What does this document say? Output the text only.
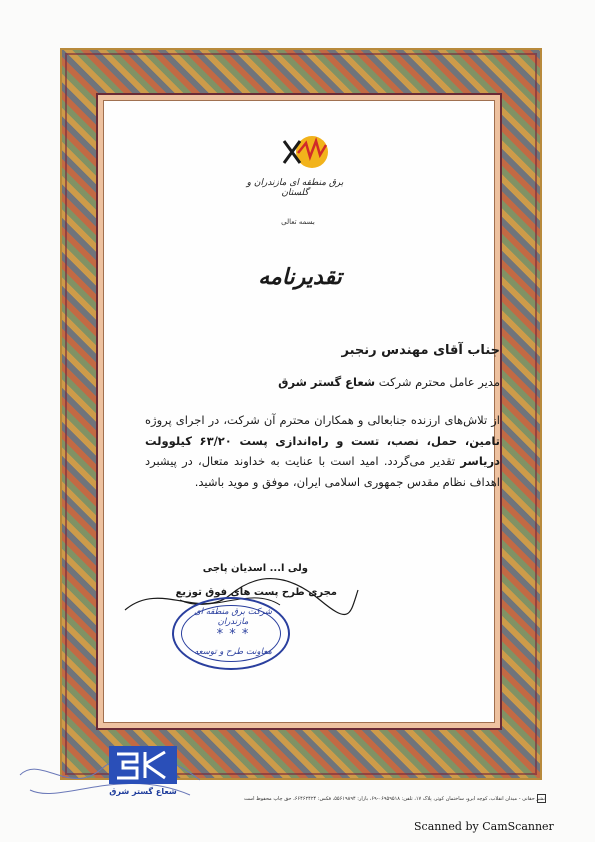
برق منطقه ای مازندران و گلستان
بسمه تعالی
تقدیرنامه
جناب آقای مهندس رنجبر
مدیر عامل محترم شرکت شعاع گستر شرق
از تلاش‌های ارزنده جنابعالی و همکاران محترم آن شرکت، در اجرای پروژه تامین، حمل، نصب، تست و راه‌اندازی پست ۶۳/۲۰ کیلوولت دریاسر تقدیر می‌گردد. امید است با عنایت به خداوند متعال، در پیشبرد اهداف نظام مقدس جمهوری اسلامی ایران، موفق و موید باشید.
ولی ا... اسدیان پاجی
مجری طرح پست های فوق توزیع
شرکت برق منطقه ای مازندران
* * *
معاونت طرح و توسعه
شعاع گستر شرق
نشر حقانی - میدان انقلاب، کوچه آبرو، ساختمان کوثر، پلاک ۱۷، تلفن: ۰۶۹۵۹۵۱۸-۶۹، بازار: ۵۵۶۱۹۸۹۴، فکس: ۶۶۴۶۲۴۲۴، حق چاپ محفوظ است
Scanned by CamScanner
